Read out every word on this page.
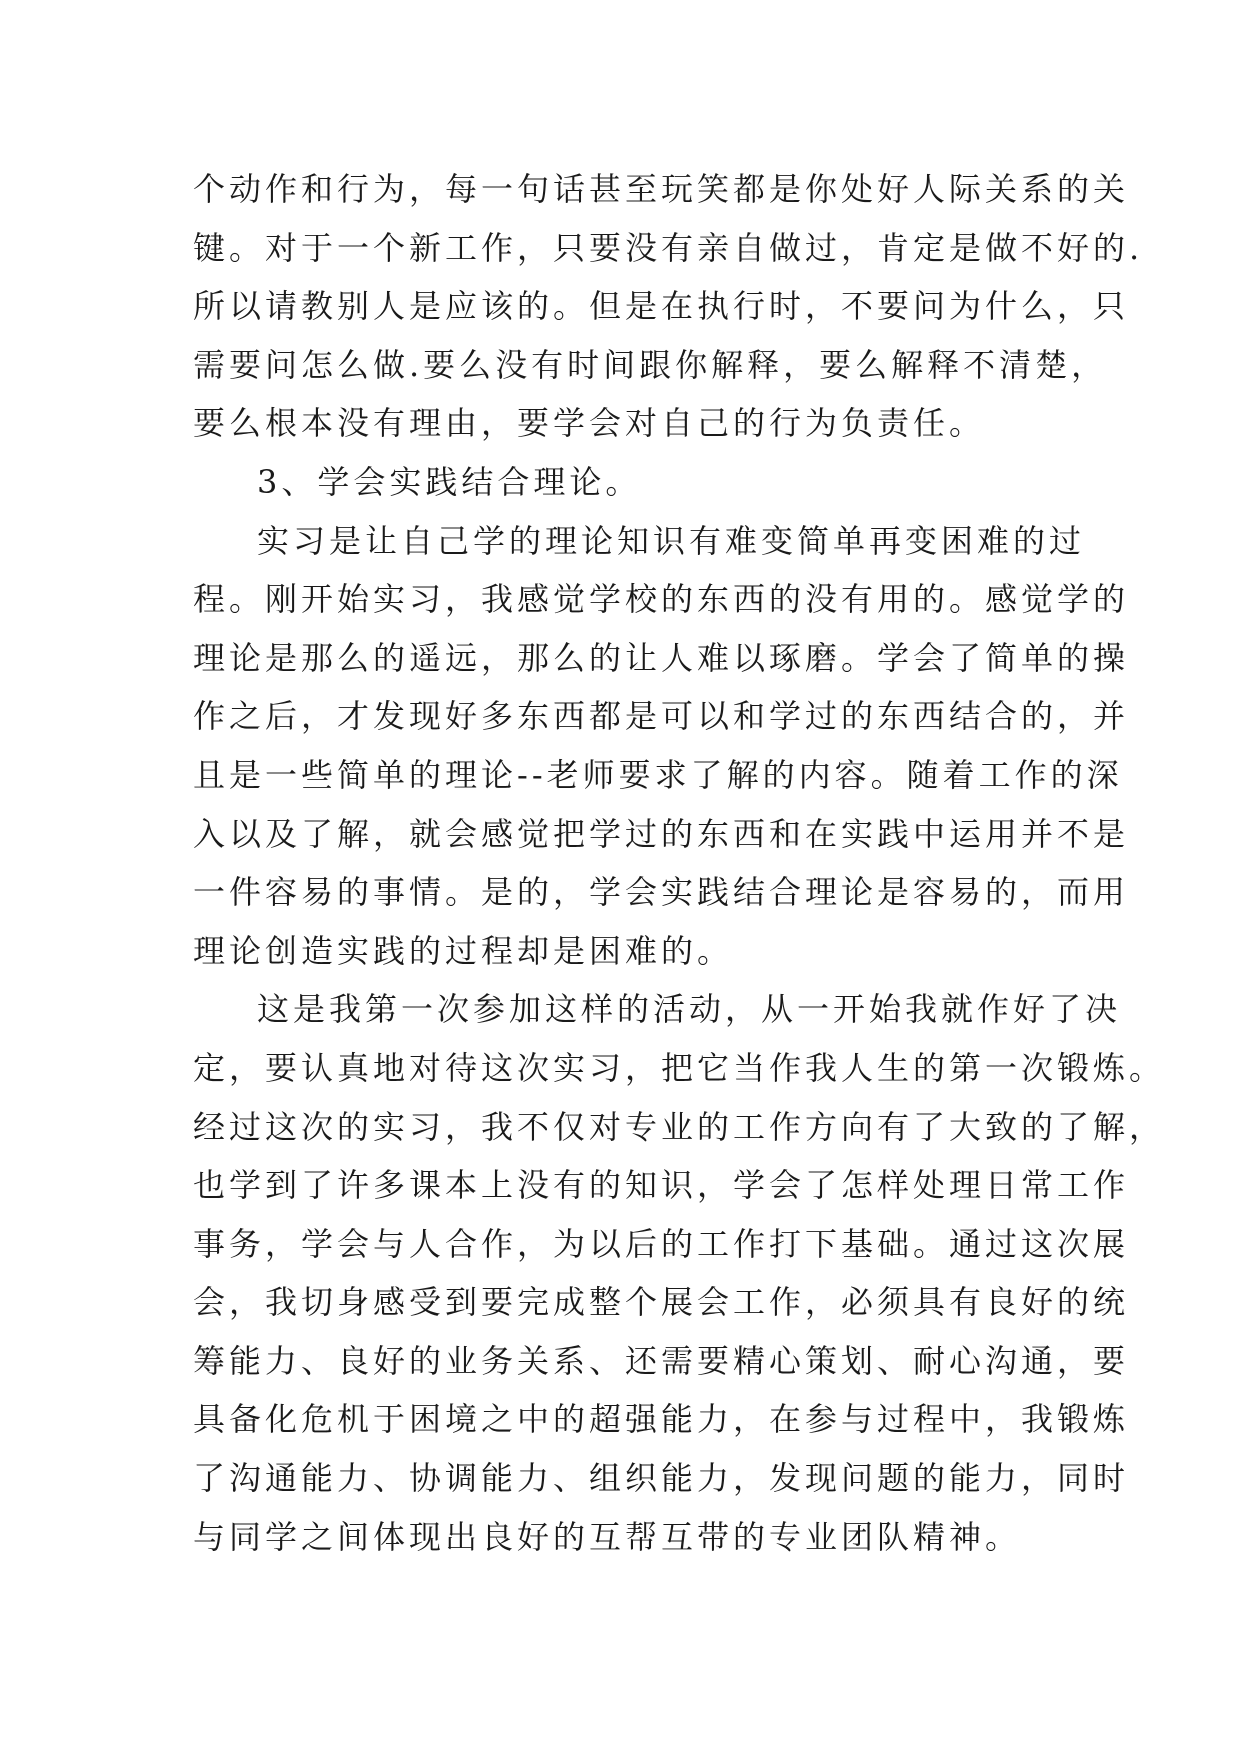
个动作和行为，每一句话甚至玩笑都是你处好人际关系的关
键。对于一个新工作，只要没有亲自做过，肯定是做不好的.
所以请教别人是应该的。但是在执行时，不要问为什么，只
需要问怎么做.要么没有时间跟你解释，要么解释不清楚，
要么根本没有理由，要学会对自己的行为负责任。
3、学会实践结合理论。
实习是让自己学的理论知识有难变简单再变困难的过
程。刚开始实习，我感觉学校的东西的没有用的。感觉学的
理论是那么的遥远，那么的让人难以琢磨。学会了简单的操
作之后，才发现好多东西都是可以和学过的东西结合的，并
且是一些简单的理论--老师要求了解的内容。随着工作的深
入以及了解，就会感觉把学过的东西和在实践中运用并不是
一件容易的事情。是的，学会实践结合理论是容易的，而用
理论创造实践的过程却是困难的。
这是我第一次参加这样的活动，从一开始我就作好了决
定，要认真地对待这次实习，把它当作我人生的第一次锻炼。
经过这次的实习，我不仅对专业的工作方向有了大致的了解，
也学到了许多课本上没有的知识，学会了怎样处理日常工作
事务，学会与人合作，为以后的工作打下基础。通过这次展
会，我切身感受到要完成整个展会工作，必须具有良好的统
筹能力、良好的业务关系、还需要精心策划、耐心沟通，要
具备化危机于困境之中的超强能力，在参与过程中，我锻炼
了沟通能力、协调能力、组织能力，发现问题的能力，同时
与同学之间体现出良好的互帮互带的专业团队精神。
